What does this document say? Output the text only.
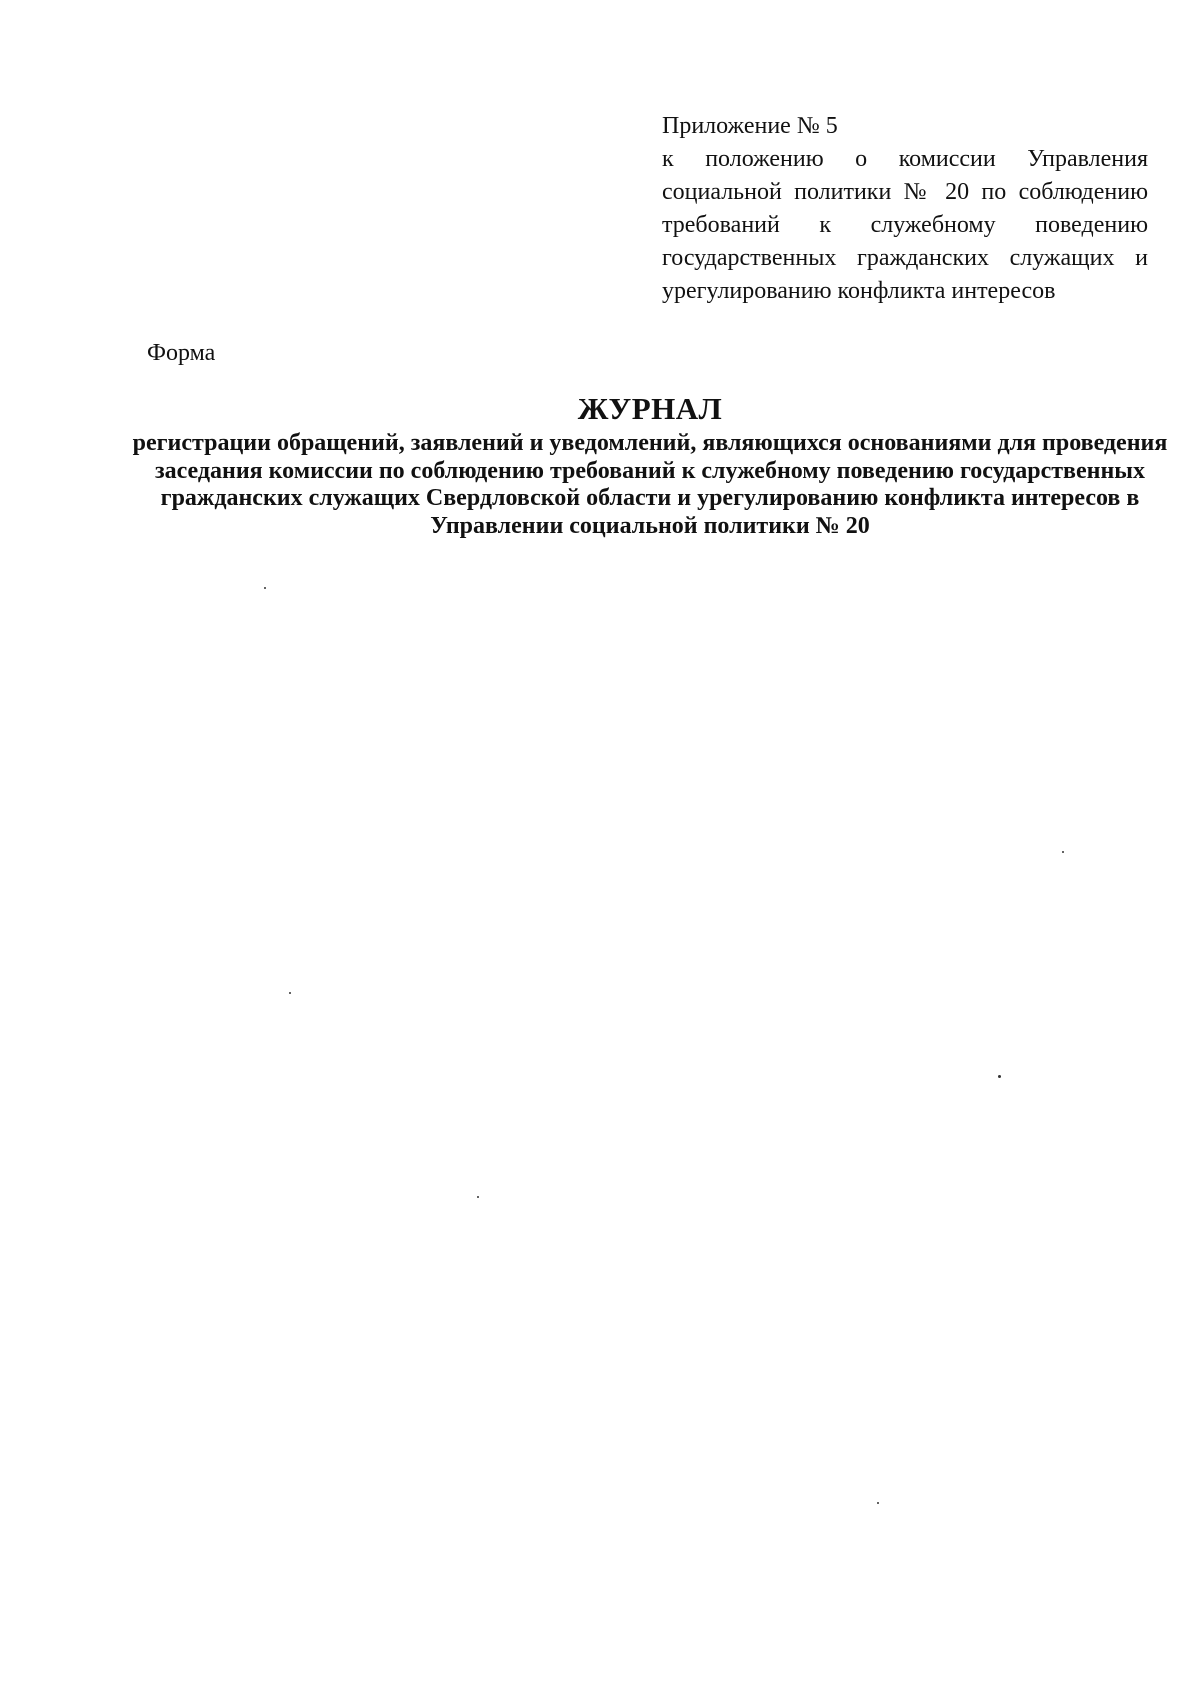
Приложение № 5
к положению о комиссии Управления социальной политики № 20 по соблюдению требований к служебному поведению государственных гражданских служащих и урегулированию конфликта интересов
Форма
ЖУРНАЛ
регистрации обращений, заявлений и уведомлений, являющихся основаниями для проведения заседания комиссии по соблюдению требований к служебному поведению государственных гражданских служащих Свердловской области и урегулированию конфликта интересов в Управлении социальной политики № 20
